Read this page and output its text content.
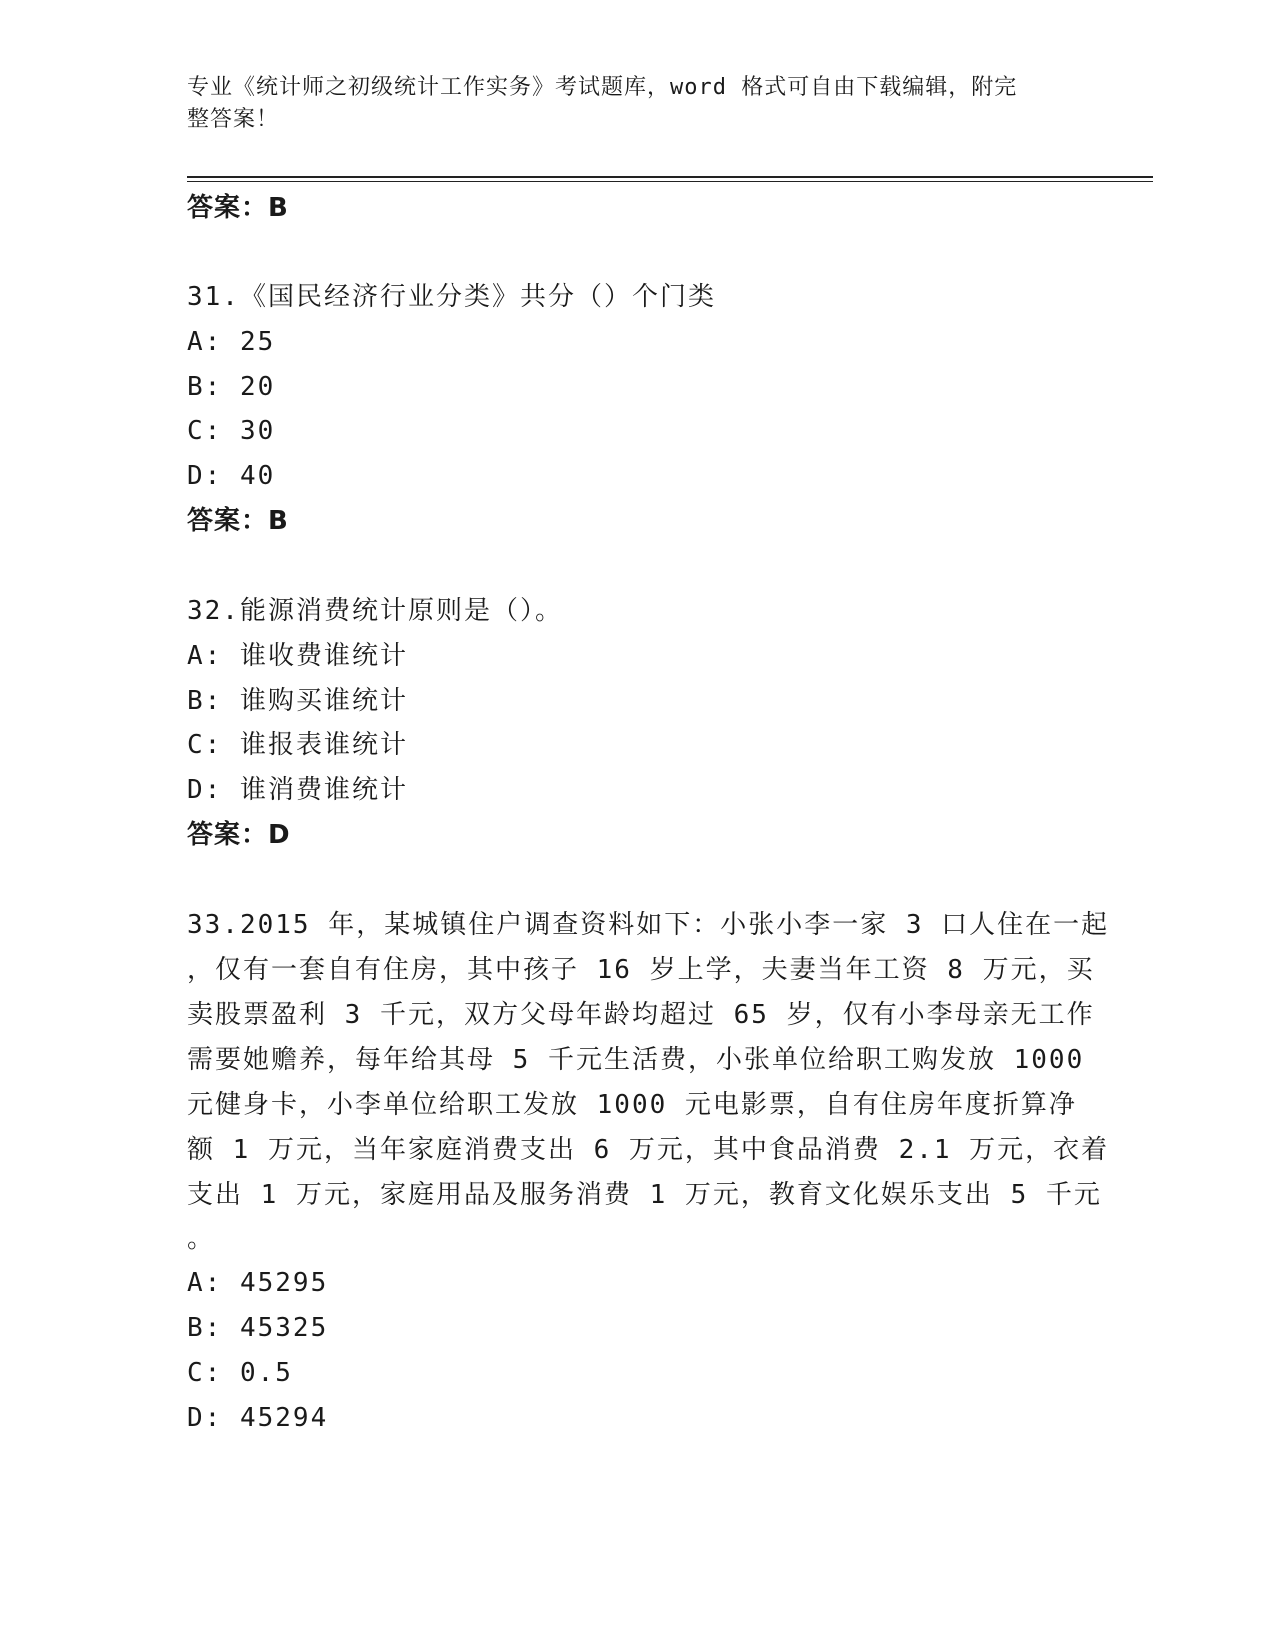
专业《统计师之初级统计工作实务》考试题库，word 格式可自由下载编辑，附完
整答案！
答案：B
31.《国民经济行业分类》共分（）个门类
A: 25
B: 20
C: 30
D: 40
答案：B
32.能源消费统计原则是（）。
A: 谁收费谁统计
B: 谁购买谁统计
C: 谁报表谁统计
D: 谁消费谁统计
答案：D
33.2015 年，某城镇住户调查资料如下：小张小李一家 3 口人住在一起
，仅有一套自有住房，其中孩子 16 岁上学，夫妻当年工资 8 万元，买
卖股票盈利 3 千元，双方父母年龄均超过 65 岁，仅有小李母亲无工作
需要她赡养，每年给其母 5 千元生活费，小张单位给职工购发放 1000
元健身卡，小李单位给职工发放 1000 元电影票，自有住房年度折算净
额 1 万元，当年家庭消费支出 6 万元，其中食品消费 2.1 万元，衣着
支出 1 万元，家庭用品及服务消费 1 万元，教育文化娱乐支出 5 千元
。
A: 45295
B: 45325
C: 0.5
D: 45294
